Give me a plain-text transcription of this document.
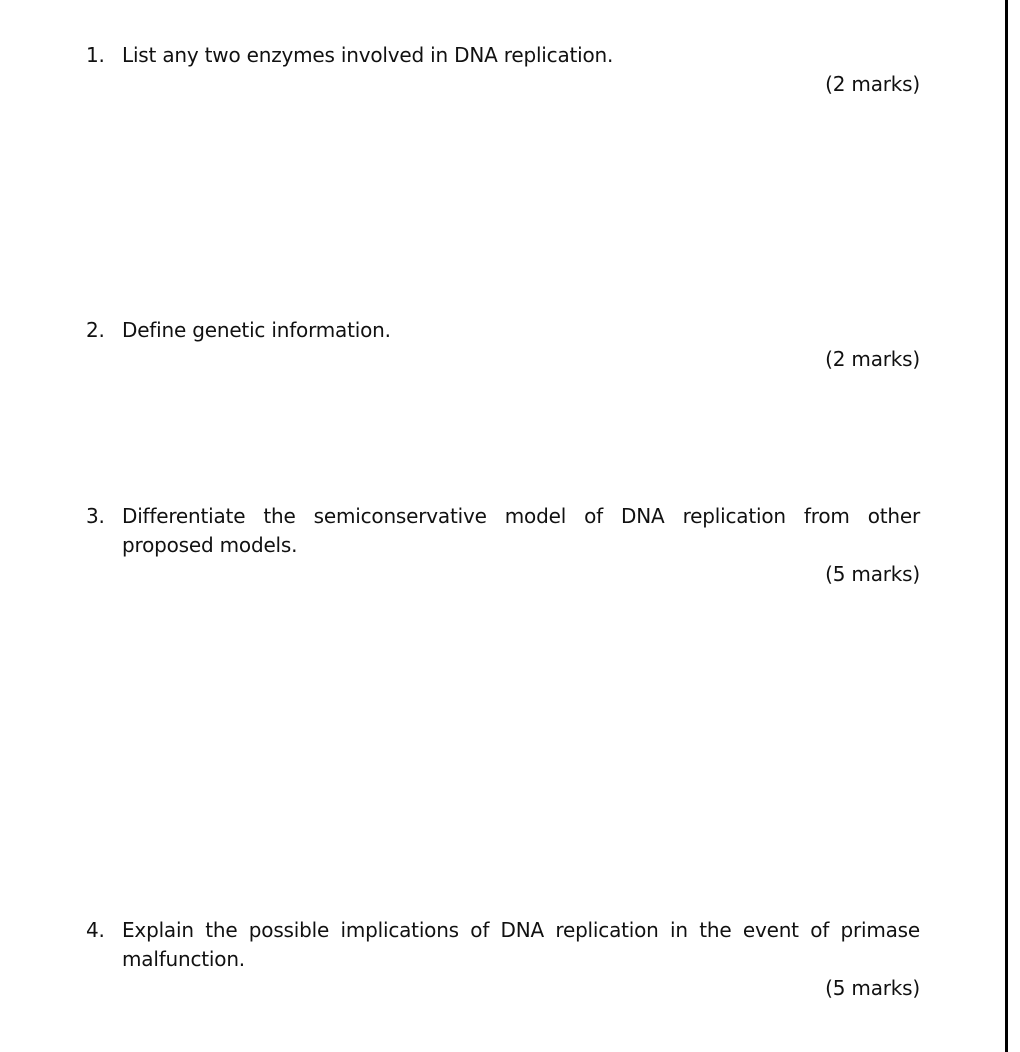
1. List any two enzymes involved in DNA replication.
(2 marks)
2. Define genetic information.
(2 marks)
3. Differentiate the semiconservative model of DNA replication from other proposed models.
(5 marks)
4. Explain the possible implications of DNA replication in the event of primase malfunction.
(5 marks)
